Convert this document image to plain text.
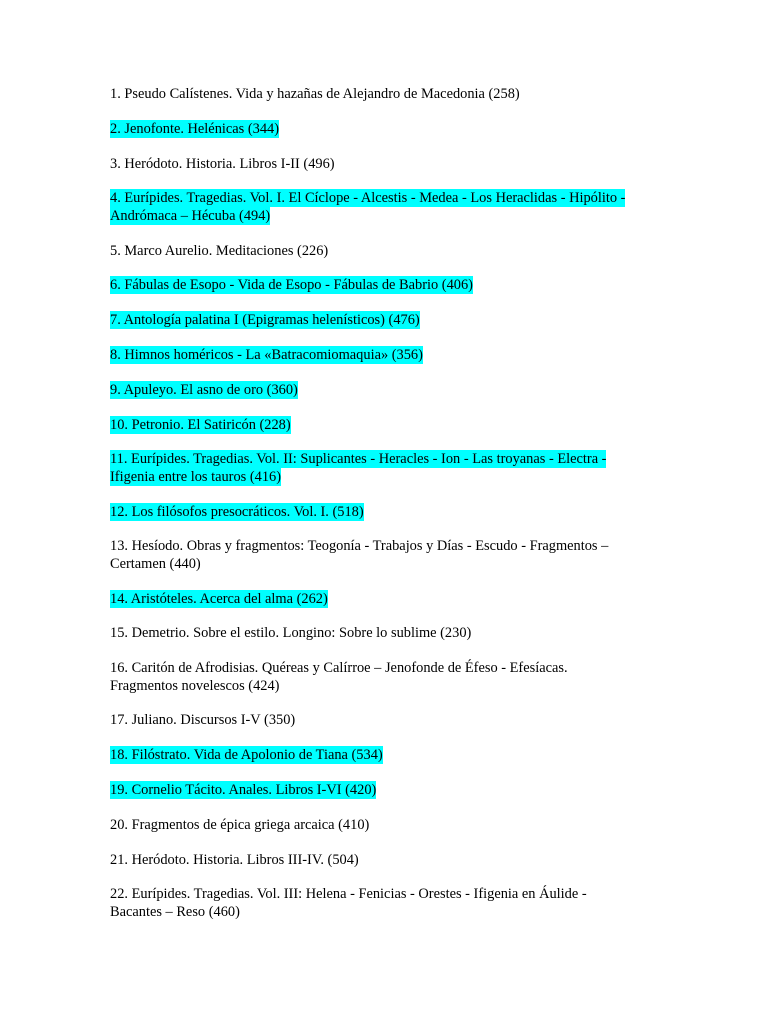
1. Pseudo Calístenes. Vida y hazañas de Alejandro de Macedonia (258)

2. Jenofonte. Helénicas (344)

3. Heródoto. Historia. Libros I-II (496)

4. Eurípides. Tragedias. Vol. I. El Cíclope - Alcestis - Medea - Los Heraclidas - Hipólito - Andrómaca – Hécuba (494)

5. Marco Aurelio. Meditaciones (226)

6. Fábulas de Esopo - Vida de Esopo - Fábulas de Babrio (406)

7. Antología palatina I (Epigramas helenísticos) (476)

8. Himnos homéricos - La «Batracomiomaquia» (356)

9. Apuleyo. El asno de oro (360)

10. Petronio. El Satiricón (228)

11. Eurípides. Tragedias. Vol. II: Suplicantes - Heracles - Ion - Las troyanas - Electra - Ifigenia entre los tauros (416)

12. Los filósofos presocráticos. Vol. I. (518)

13. Hesíodo. Obras y fragmentos: Teogonía - Trabajos y Días - Escudo - Fragmentos – Certamen (440)

14. Aristóteles. Acerca del alma (262)

15. Demetrio. Sobre el estilo. Longino: Sobre lo sublime (230)

16. Caritón de Afrodisias. Quéreas y Calírroe – Jenofonde de Éfeso - Efesíacas. Fragmentos novelescos (424)

17. Juliano. Discursos I-V (350)

18. Filóstrato. Vida de Apolonio de Tiana (534)

19. Cornelio Tácito. Anales. Libros I-VI (420)

20. Fragmentos de épica griega arcaica (410)

21. Heródoto. Historia. Libros III-IV. (504)

22. Eurípides. Tragedias. Vol. III: Helena - Fenicias - Orestes - Ifigenia en Áulide - Bacantes – Reso (460)
